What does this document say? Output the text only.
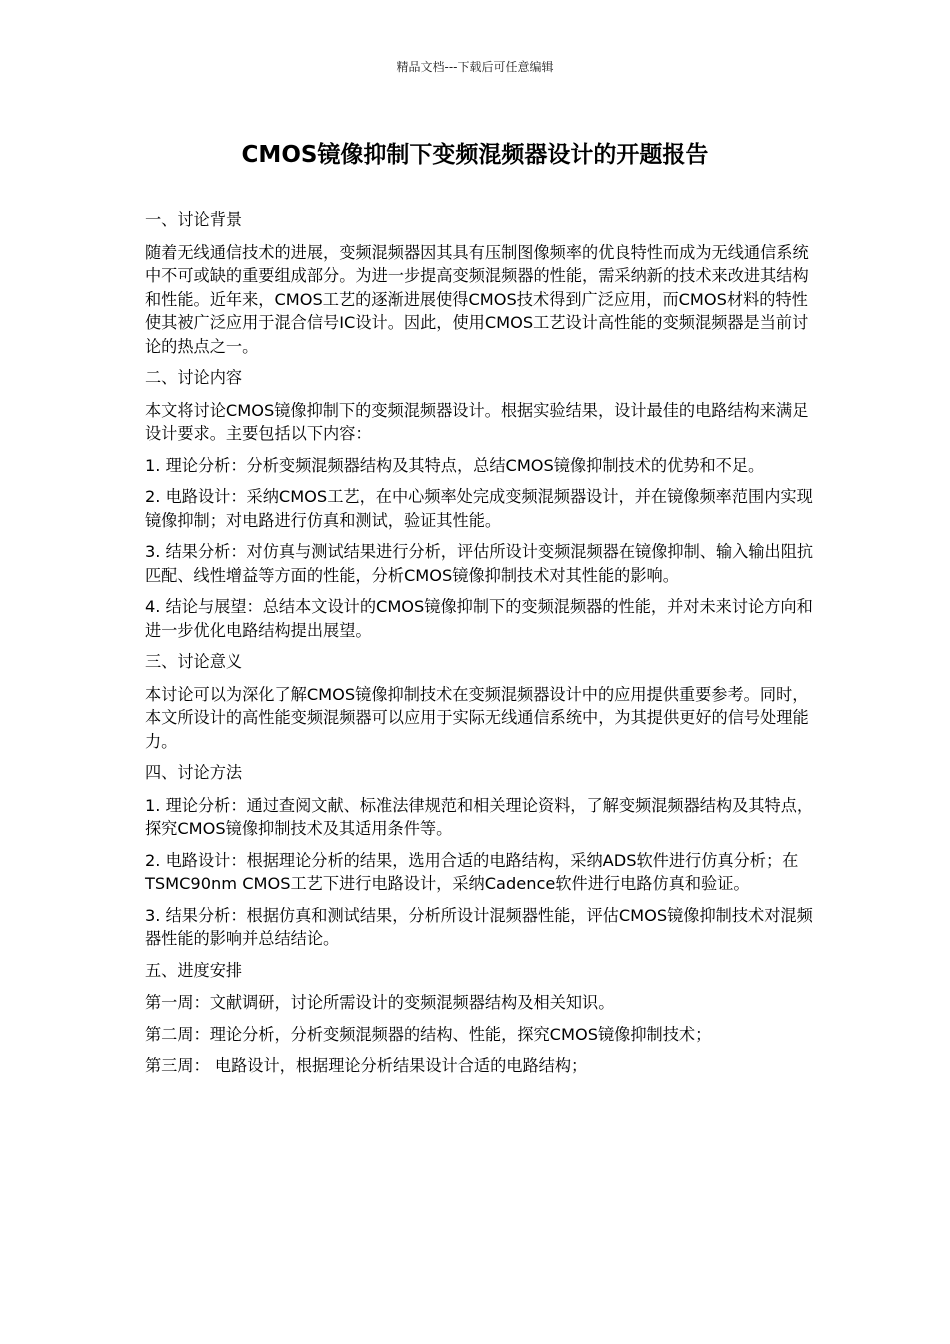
精品文档---下载后可任意编辑
CMOS镜像抑制下变频混频器设计的开题报告

一、讨论背景

随着无线通信技术的进展，变频混频器因其具有压制图像频率的优良特性而成为无线通信系统中不可或缺的重要组成部分。为进一步提高变频混频器的性能，需采纳新的技术来改进其结构和性能。近年来，CMOS工艺的逐渐进展使得CMOS技术得到广泛应用，而CMOS材料的特性使其被广泛应用于混合信号IC设计。因此，使用CMOS工艺设计高性能的变频混频器是当前讨论的热点之一。

二、讨论内容

本文将讨论CMOS镜像抑制下的变频混频器设计。根据实验结果，设计最佳的电路结构来满足设计要求。主要包括以下内容：

1. 理论分析：分析变频混频器结构及其特点，总结CMOS镜像抑制技术的优势和不足。

2. 电路设计：采纳CMOS工艺，在中心频率处完成变频混频器设计，并在镜像频率范围内实现镜像抑制；对电路进行仿真和测试，验证其性能。

3. 结果分析：对仿真与测试结果进行分析，评估所设计变频混频器在镜像抑制、输入输出阻抗匹配、线性增益等方面的性能，分析CMOS镜像抑制技术对其性能的影响。

4. 结论与展望：总结本文设计的CMOS镜像抑制下的变频混频器的性能，并对未来讨论方向和进一步优化电路结构提出展望。

三、讨论意义

本讨论可以为深化了解CMOS镜像抑制技术在变频混频器设计中的应用提供重要参考。同时，本文所设计的高性能变频混频器可以应用于实际无线通信系统中，为其提供更好的信号处理能力。

四、讨论方法

1. 理论分析：通过查阅文献、标准法律规范和相关理论资料，了解变频混频器结构及其特点，探究CMOS镜像抑制技术及其适用条件等。

2. 电路设计：根据理论分析的结果，选用合适的电路结构，采纳ADS软件进行仿真分析；在TSMC90nm CMOS工艺下进行电路设计，采纳Cadence软件进行电路仿真和验证。

3. 结果分析：根据仿真和测试结果，分析所设计混频器性能，评估CMOS镜像抑制技术对混频器性能的影响并总结结论。

五、进度安排

第一周：文献调研，讨论所需设计的变频混频器结构及相关知识。

第二周：理论分析，分析变频混频器的结构、性能，探究CMOS镜像抑制技术；

第三周： 电路设计，根据理论分析结果设计合适的电路结构；
